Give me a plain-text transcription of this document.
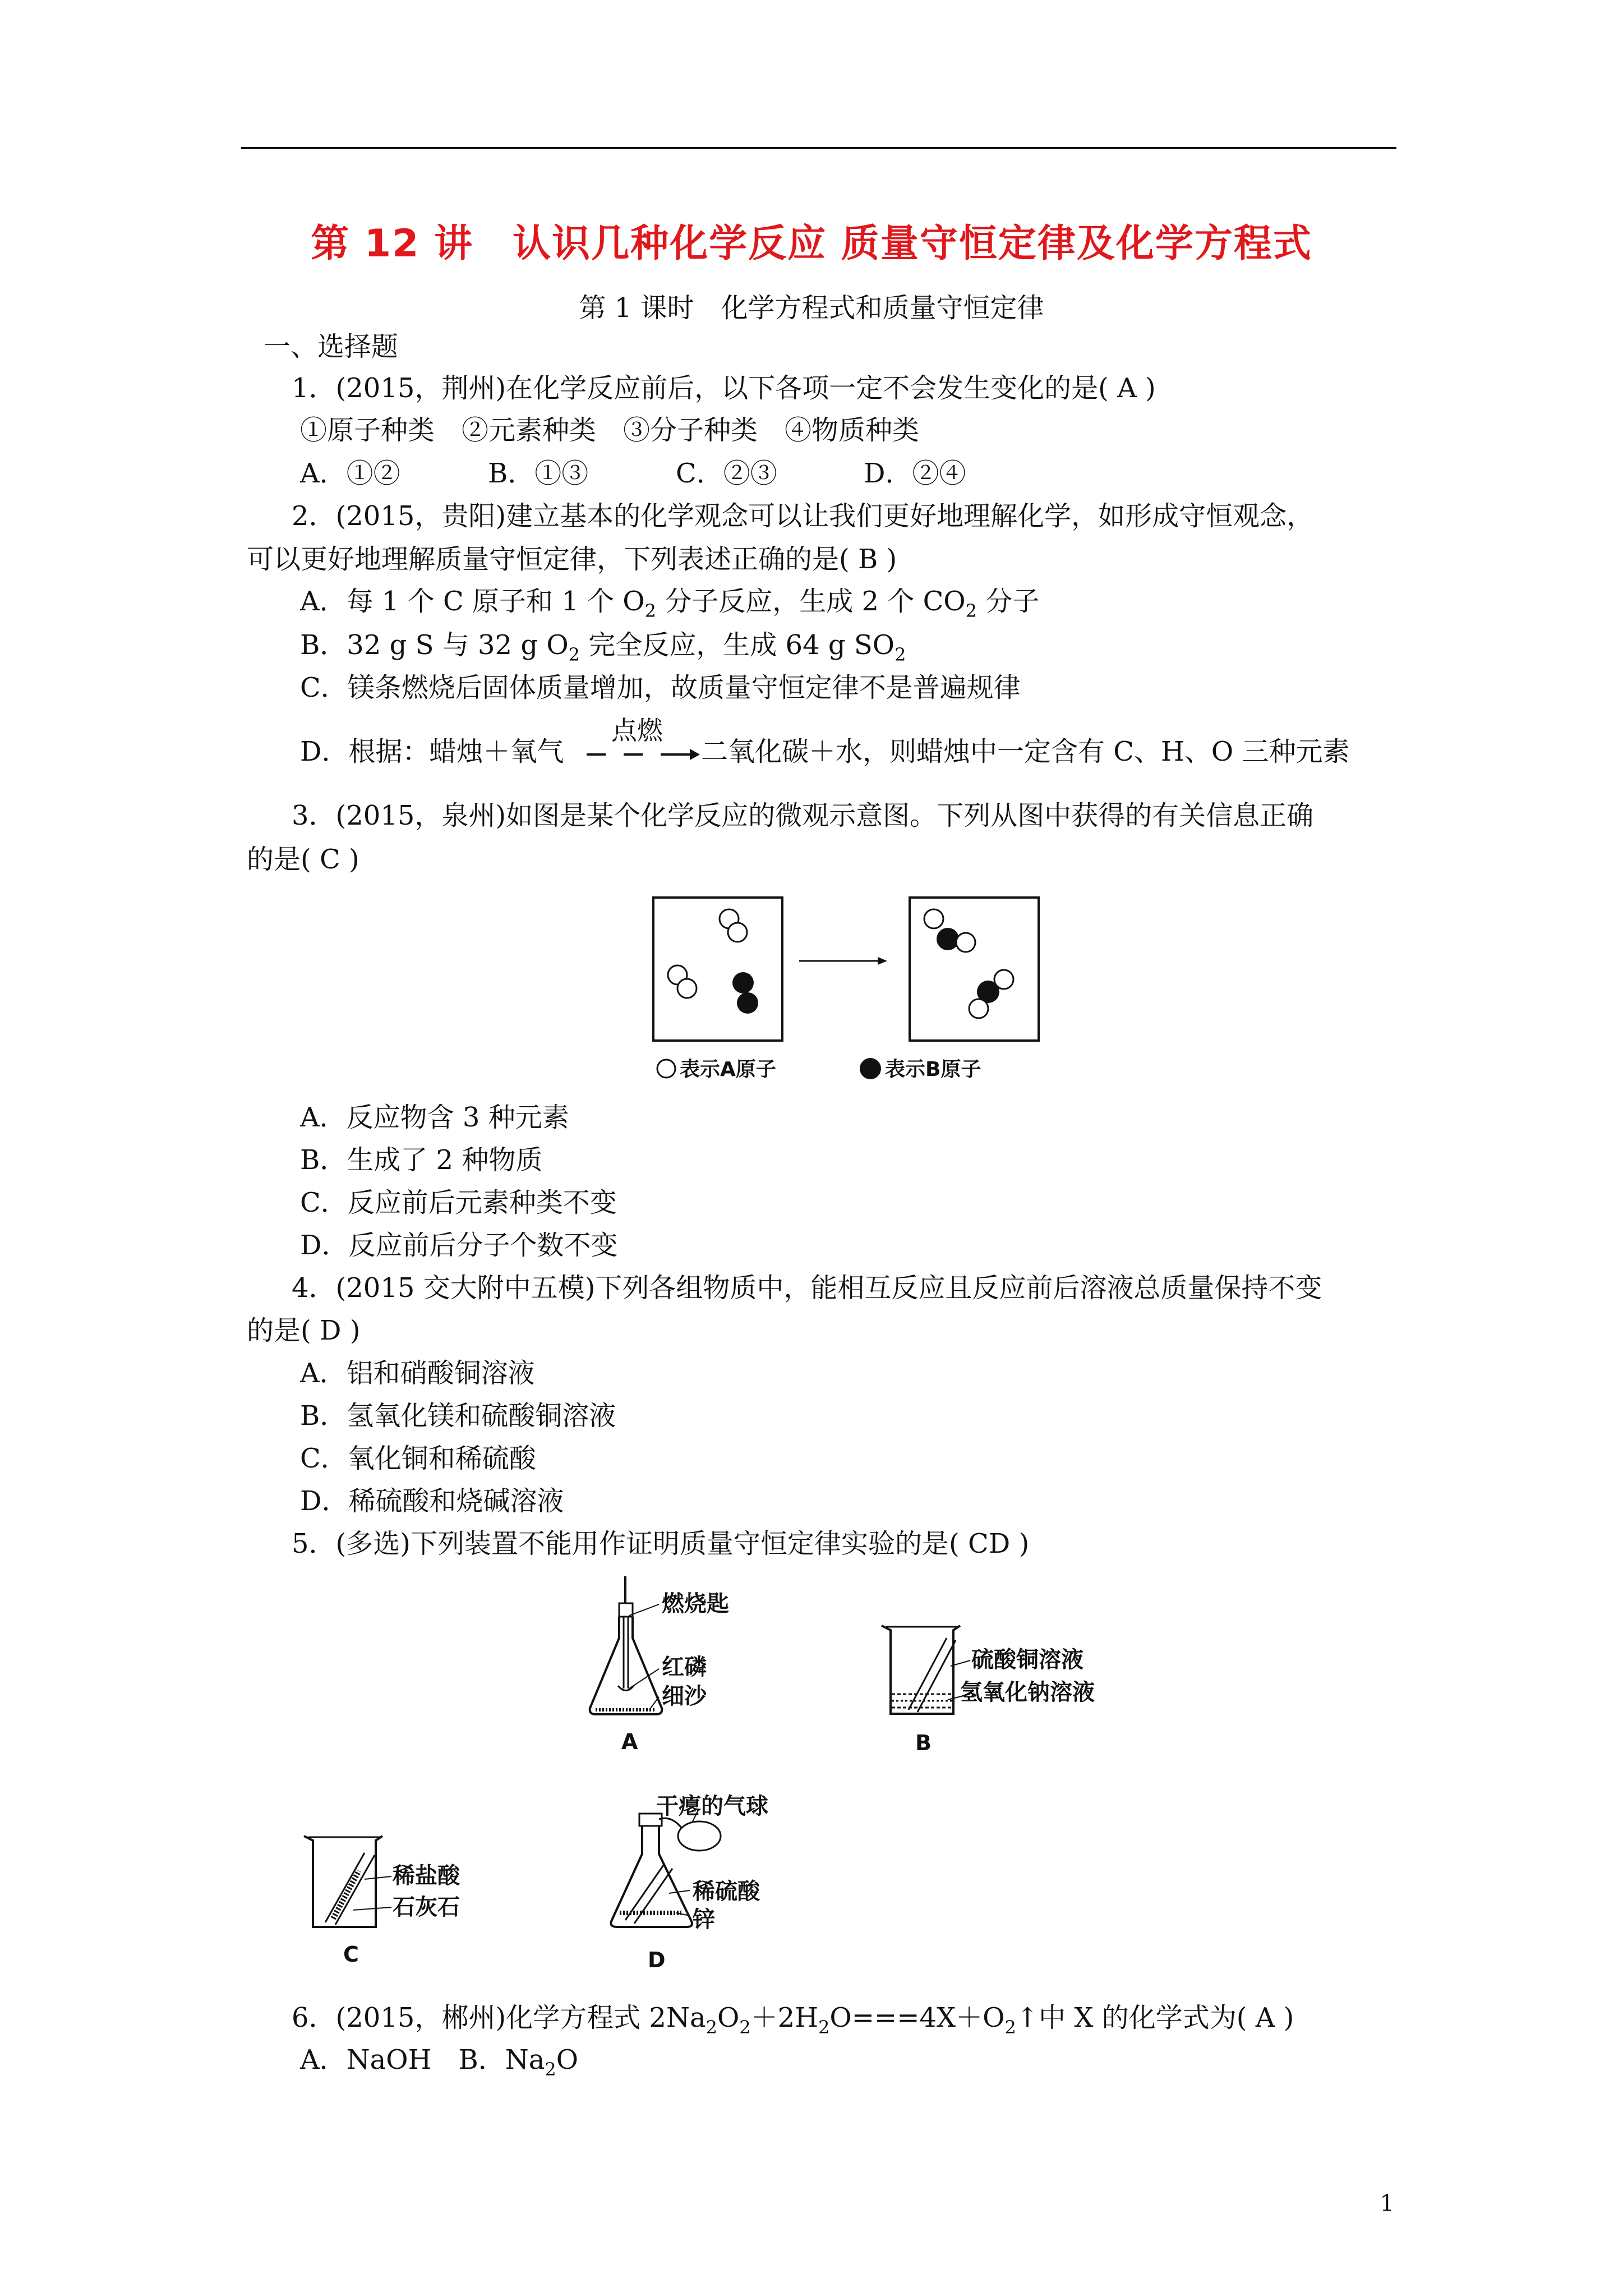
第 12 讲　认识几种化学反应 质量守恒定律及化学方程式
第 1 课时　化学方程式和质量守恒定律
一、选择题
1．(2015，荆州)在化学反应前后，以下各项一定不会发生变化的是( A )
①原子种类　②元素种类　③分子种类　④物质种类
A．①②	B．①③	C．②③	D．②④
2．(2015，贵阳)建立基本的化学观念可以让我们更好地理解化学，如形成守恒观念，
可以更好地理解质量守恒定律，下列表述正确的是( B )
A．每 1 个 C 原子和 1 个 $O_2$ 分子反应，生成 2 个 $CO_2$ 分子
B．32 g S 与 32 g $O_2$ 完全反应，生成 64 g $SO_2$
C．镁条燃烧后固体质量增加，故质量守恒定律不是普遍规律
D．根据：蜡烛＋氧气
点燃
二氧化碳＋水，则蜡烛中一定含有 C、H、O 三种元素
3．(2015，泉州)如图是某个化学反应的微观示意图。下列从图中获得的有关信息正确
的是( C )
表示A原子	表示B原子
A．反应物含 3 种元素
B．生成了 2 种物质
C．反应前后元素种类不变
D．反应前后分子个数不变
4．(2015 交大附中五模)下列各组物质中，能相互反应且反应前后溶液总质量保持不变
的是( D )
A．铝和硝酸铜溶液
B．氢氧化镁和硫酸铜溶液
C．氧化铜和稀硫酸
D．稀硫酸和烧碱溶液
5．(多选)下列装置不能用作证明质量守恒定律实验的是( CD )
燃烧匙
红磷
细沙
A
硫酸铜溶液
氢氧化钠溶液
B
稀盐酸
石灰石
C
干瘪的气球
稀硫酸
锌
D
6．(2015，郴州)化学方程式 $2Na_2O_2+2H_2O===4X+O_2↑$中 X 的化学式为( A )
A．NaOH　B．$Na_2O$
1
